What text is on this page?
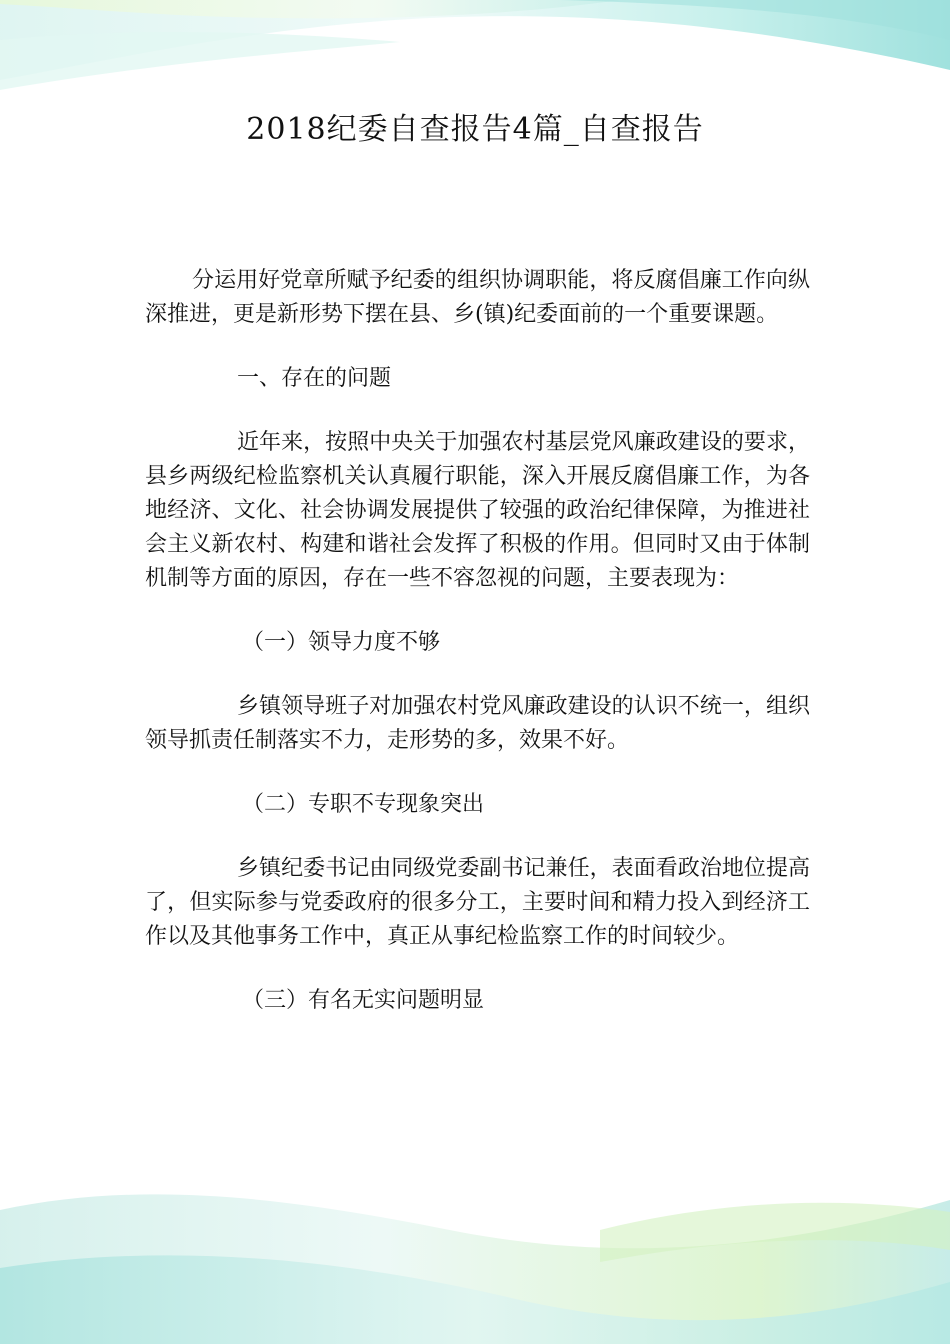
2018纪委自查报告4篇_自查报告

分运用好党章所赋予纪委的组织协调职能，将反腐倡廉工作向纵深推进，更是新形势下摆在县、乡(镇)纪委面前的一个重要课题。

一、存在的问题

近年来，按照中央关于加强农村基层党风廉政建设的要求，县乡两级纪检监察机关认真履行职能，深入开展反腐倡廉工作，为各地经济、文化、社会协调发展提供了较强的政治纪律保障，为推进社会主义新农村、构建和谐社会发挥了积极的作用。但同时又由于体制机制等方面的原因，存在一些不容忽视的问题，主要表现为：

（一）领导力度不够

乡镇领导班子对加强农村党风廉政建设的认识不统一，组织领导抓责任制落实不力，走形势的多，效果不好。

（二）专职不专现象突出

乡镇纪委书记由同级党委副书记兼任，表面看政治地位提高了，但实际参与党委政府的很多分工，主要时间和精力投入到经济工作以及其他事务工作中，真正从事纪检监察工作的时间较少。

（三）有名无实问题明显
